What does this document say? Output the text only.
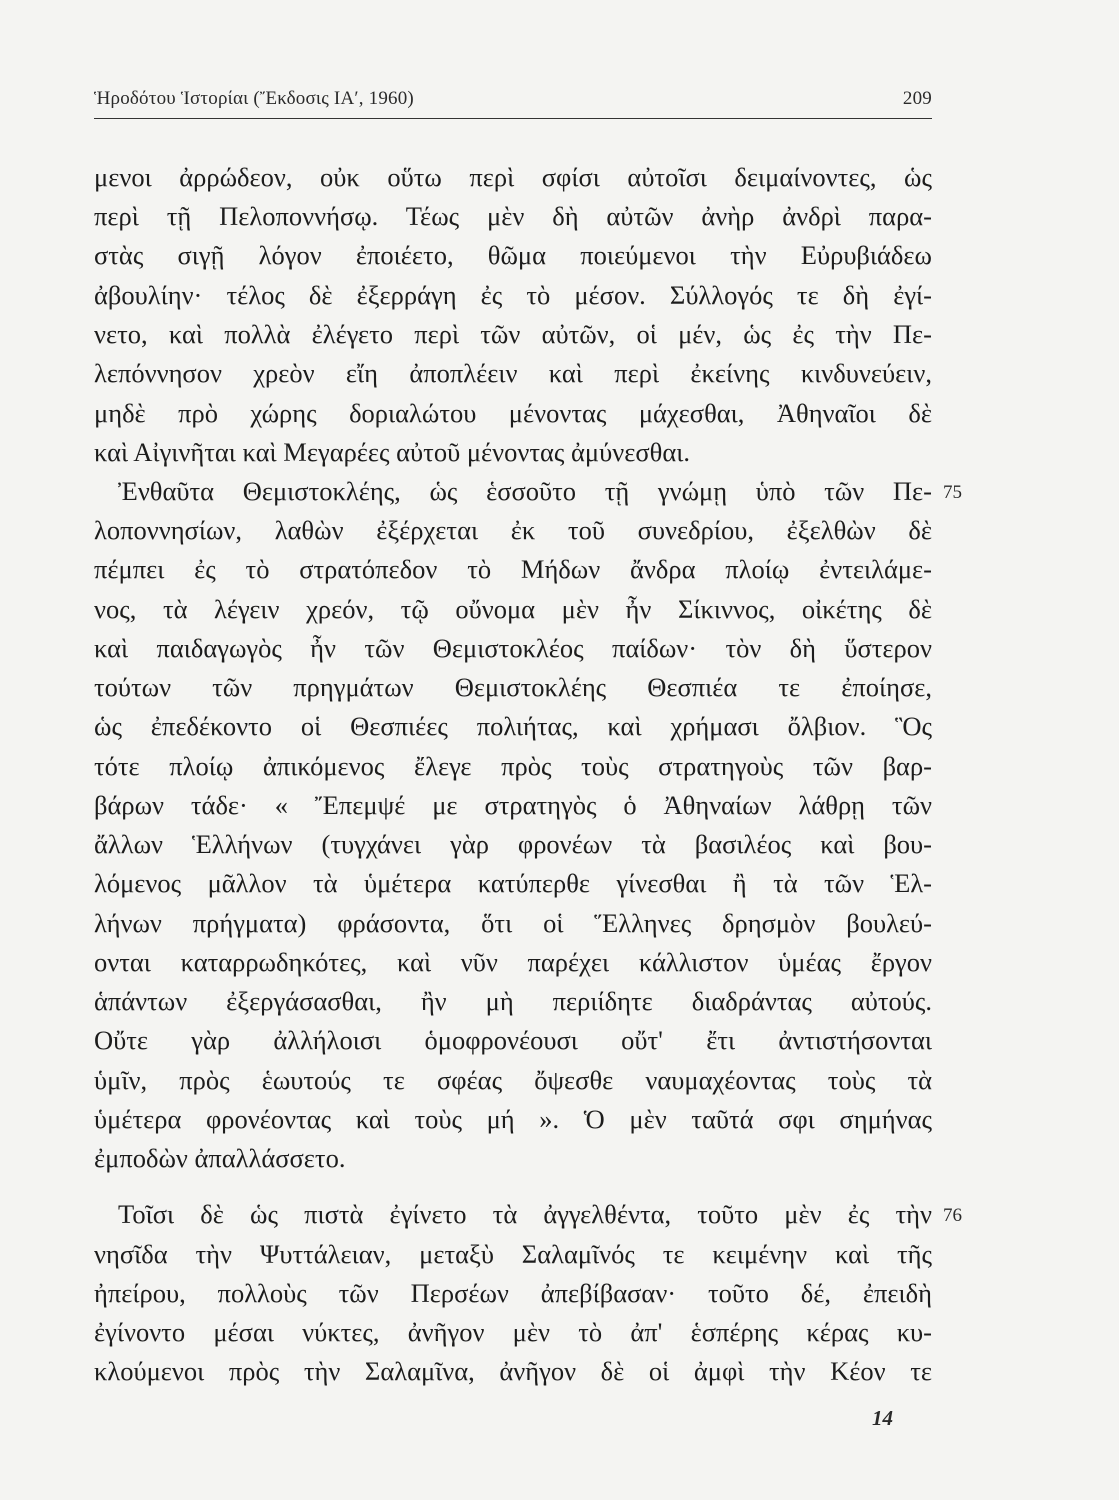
Ἡροδότου Ἱστορίαι (Ἔκδοσις ΙΑ′, 1960)	209
μενοι ἀρρώδεον, οὐκ οὕτω περὶ σφίσι αὐτοῖσι δειμαίνοντες, ὡς
περὶ τῇ Πελοποννήσῳ. Τέως μὲν δὴ αὐτῶν ἀνὴρ ἀνδρὶ παρα-
στὰς σιγῇ λόγον ἐποιέετο, θῶμα ποιεύμενοι τὴν Εὐρυβιάδεω
ἀβουλίην· τέλος δὲ ἐξερράγη ἐς τὸ μέσον. Σύλλογός τε δὴ ἐγί-
νετο, καὶ πολλὰ ἐλέγετο περὶ τῶν αὐτῶν, οἱ μέν, ὡς ἐς τὴν Πε-
λεπόννησον χρεὸν εἴη ἀποπλέειν καὶ περὶ ἐκείνης κινδυνεύειν,
μηδὲ πρὸ χώρης δοριαλώτου μένοντας μάχεσθαι, Ἀθηναῖοι δὲ
καὶ Αἰγινῆται καὶ Μεγαρέες αὐτοῦ μένοντας ἀμύνεσθαι.
Ἐνθαῦτα Θεμιστοκλέης, ὡς ἑσσοῦτο τῇ γνώμῃ ὑπὸ τῶν Πε-
λοποννησίων, λαθὼν ἐξέρχεται ἐκ τοῦ συνεδρίου, ἐξελθὼν δὲ
πέμπει ἐς τὸ στρατόπεδον τὸ Μήδων ἄνδρα πλοίῳ ἐντειλάμε-
νος, τὰ λέγειν χρεόν, τῷ οὔνομα μὲν ἦν Σίκιννος, οἰκέτης δὲ
καὶ παιδαγωγὸς ἦν τῶν Θεμιστοκλέος παίδων· τὸν δὴ ὕστερον
τούτων τῶν πρηγμάτων Θεμιστοκλέης Θεσπιέα τε ἐποίησε,
ὡς ἐπεδέκοντο οἱ Θεσπιέες πολιήτας, καὶ χρήμασι ὄλβιον. Ὃς
τότε πλοίῳ ἀπικόμενος ἔλεγε πρὸς τοὺς στρατηγοὺς τῶν βαρ-
βάρων τάδε· « Ἔπεμψέ με στρατηγὸς ὁ Ἀθηναίων λάθρῃ τῶν
ἄλλων Ἑλλήνων (τυγχάνει γὰρ φρονέων τὰ βασιλέος καὶ βου-
λόμενος μᾶλλον τὰ ὑμέτερα κατύπερθε γίνεσθαι ἢ τὰ τῶν Ἑλ-
λήνων πρήγματα) φράσοντα, ὅτι οἱ Ἕλληνες δρησμὸν βουλεύ-
ονται καταρρωδηκότες, καὶ νῦν παρέχει κάλλιστον ὑμέας ἔργον
ἁπάντων ἐξεργάσασθαι, ἢν μὴ περιίδητε διαδράντας αὐτούς.
Οὔτε γὰρ ἀλλήλοισι ὁμοφρονέουσι οὔτ' ἔτι ἀντιστήσονται
ὑμῖν, πρὸς ἑωυτούς τε σφέας ὄψεσθε ναυμαχέοντας τοὺς τὰ
ὑμέτερα φρονέοντας καὶ τοὺς μή ». Ὁ μὲν ταῦτά σφι σημήνας
ἐμποδὼν ἀπαλλάσσετο.
Τοῖσι δὲ ὡς πιστὰ ἐγίνετο τὰ ἀγγελθέντα, τοῦτο μὲν ἐς τὴν
νησῖδα τὴν Ψυττάλειαν, μεταξὺ Σαλαμῖνός τε κειμένην καὶ τῆς
ἠπείρου, πολλοὺς τῶν Περσέων ἀπεβίβασαν· τοῦτο δέ, ἐπειδὴ
ἐγίνοντο μέσαι νύκτες, ἀνῆγον μὲν τὸ ἀπ' ἑσπέρης κέρας κυ-
κλούμενοι πρὸς τὴν Σαλαμῖνα, ἀνῆγον δὲ οἱ ἀμφὶ τὴν Κέον τε
75
76
14
